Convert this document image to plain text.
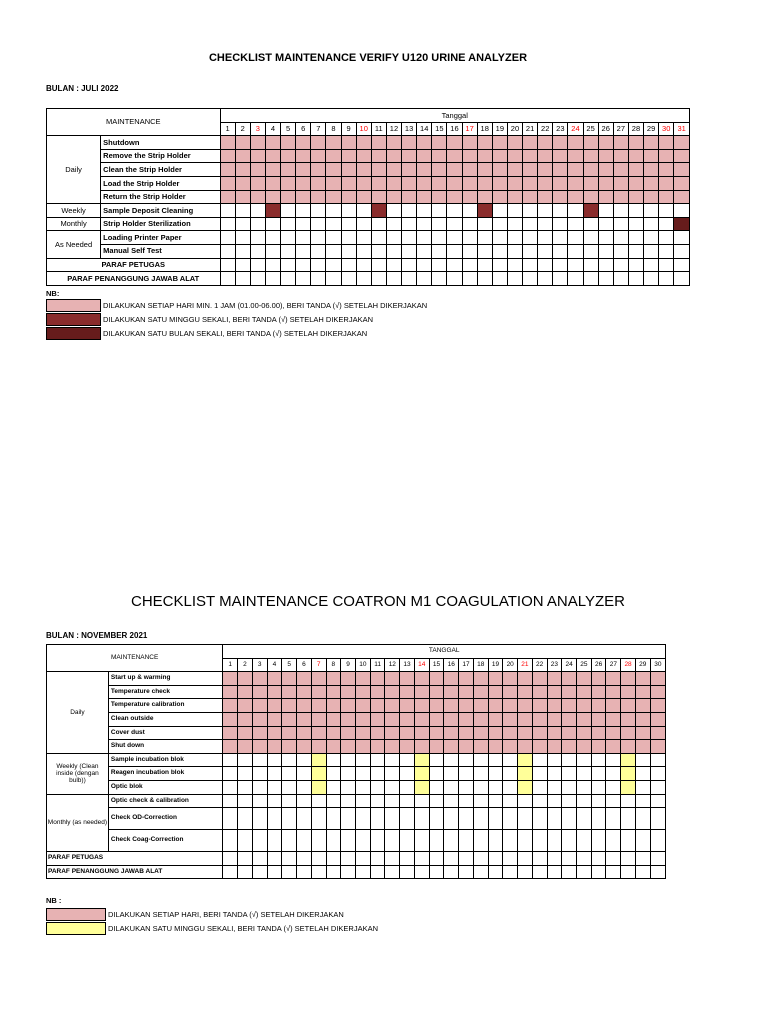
CHECKLIST MAINTENANCE VERIFY U120 URINE ANALYZER
BULAN : JULI 2022
MAINTENANCE		Tanggal																														
		1	2	3	4	5	6	7	8	9	10	11	12	13	14	15	16	17	18	19	20	21	22	23	24	25	26	27	28	29	30	31
Daily	Shutdown																															
	Remove the Strip Holder																															
	Clean the Strip Holder																															
	Load the Strip Holder																															
	Return the Strip Holder																															
Weekly	Sample Deposit Cleaning																															
Monthly	Strip Holder Sterilization																															
As Needed	Loading Printer Paper																															
	Manual Self Test																															
PARAF PETUGAS																																
PARAF PENANGGUNG JAWAB ALAT																																
NB:
DILAKUKAN SETIAP HARI MIN. 1 JAM (01.00-06.00), BERI TANDA (√) SETELAH DIKERJAKAN
DILAKUKAN SATU MINGGU SEKALI, BERI TANDA (√) SETELAH DIKERJAKAN
DILAKUKAN SATU BULAN SEKALI, BERI TANDA (√) SETELAH DIKERJAKAN
CHECKLIST MAINTENANCE COATRON M1 COAGULATION ANALYZER
BULAN : NOVEMBER 2021
MAINTENANCE		TANGGAL																													
		1	2	3	4	5	6	7	8	9	10	11	12	13	14	15	16	17	18	19	20	21	22	23	24	25	26	27	28	29	30
Daily	Start up & warming																														
	Temperature check																														
	Temperature calibration																														
	Clean outside																														
	Cover dust																														
	Shut down																														
Weekly (Clean inside (dengan bulb))	Sample incubation blok																														
	Reagen incubation blok																														
	Optic blok																														
Monthly (as needed)	Optic check & calibration																														
	Check OD-Correction																														
	Check Coag-Correction																														
PARAF PETUGAS																															
PARAF PENANGGUNG JAWAB ALAT																															
NB :
DILAKUKAN SETIAP HARI, BERI TANDA (√) SETELAH DIKERJAKAN
DILAKUKAN SATU MINGGU SEKALI, BERI TANDA (√) SETELAH DIKERJAKAN
